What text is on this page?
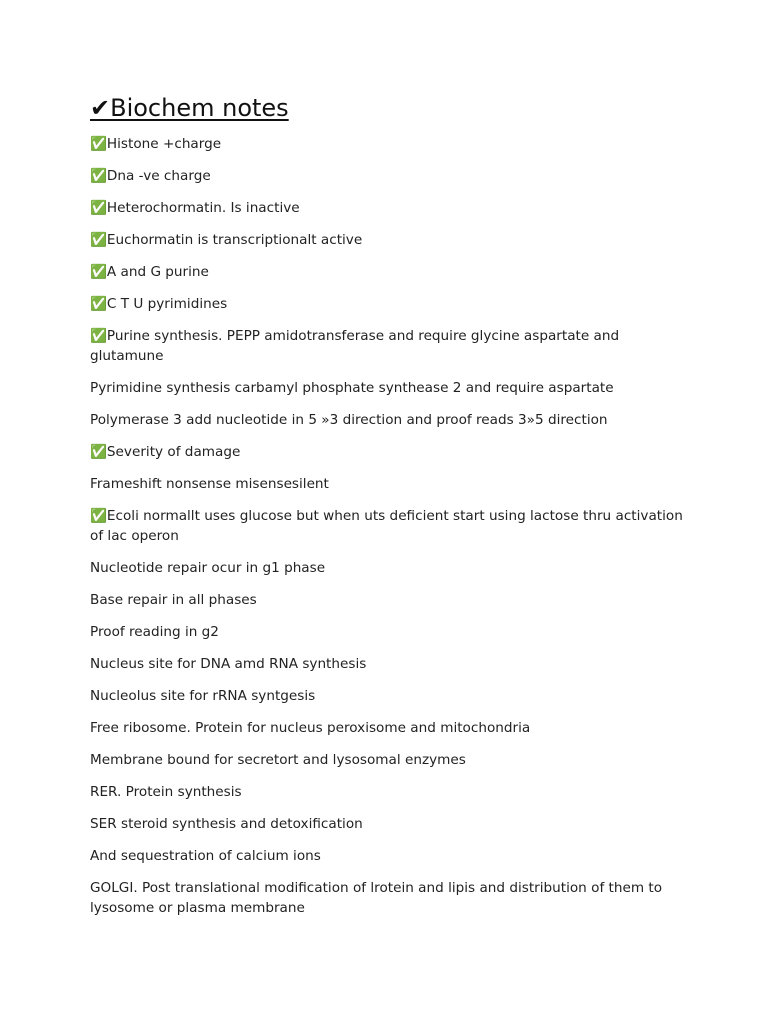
✔Biochem notes
✅Histone +charge
✅Dna -ve charge
✅Heterochormatin. Is inactive
✅Euchormatin is transcriptionalt active
✅A and G purine
✅C T U pyrimidines
✅Purine synthesis. PEPP amidotransferase and require glycine aspartate and glutamune
Pyrimidine synthesis carbamyl phosphate synthease 2 and require aspartate
Polymerase 3 add nucleotide in 5 »3 direction and proof reads 3»5 direction
✅Severity of damage
Frameshift nonsense misensesilent
✅Ecoli normallt uses glucose but when uts deficient start using lactose thru activation of lac operon
Nucleotide repair ocur in g1 phase
Base repair in all phases
Proof reading in g2
Nucleus site for DNA amd RNA synthesis
Nucleolus site for rRNA syntgesis
Free ribosome. Protein for nucleus peroxisome and mitochondria
Membrane bound for secretort and lysosomal enzymes
RER. Protein synthesis
SER steroid synthesis and detoxification
And sequestration of calcium ions
GOLGI. Post translational modification of lrotein and lipis and distribution of them to lysosome or plasma membrane
